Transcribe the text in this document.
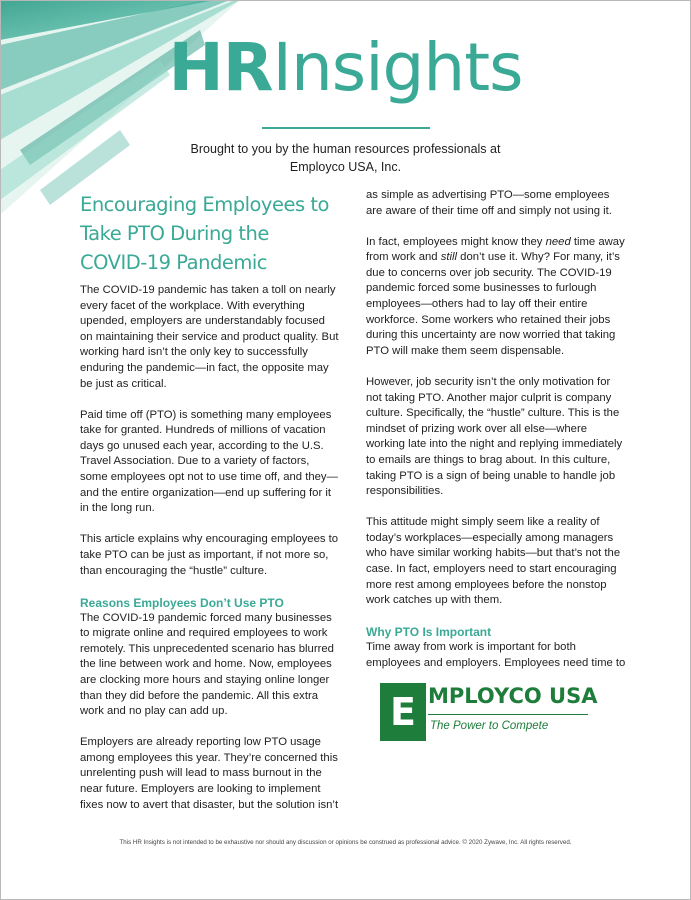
HRInsights
Brought to you by the human resources professionals at
Employco USA, Inc.
Encouraging Employees to Take PTO During the COVID-19 Pandemic

The COVID-19 pandemic has taken a toll on nearly every facet of the workplace. With everything upended, employers are understandably focused on maintaining their service and product quality. But working hard isn’t the only key to successfully enduring the pandemic—in fact, the opposite may be just as critical.

Paid time off (PTO) is something many employees take for granted. Hundreds of millions of vacation days go unused each year, according to the U.S. Travel Association. Due to a variety of factors, some employees opt not to use time off, and they—and the entire organization—end up suffering for it in the long run.

This article explains why encouraging employees to take PTO can be just as important, if not more so, than encouraging the “hustle” culture.

Reasons Employees Don’t Use PTO

The COVID-19 pandemic forced many businesses to migrate online and required employees to work remotely. This unprecedented scenario has blurred the line between work and home. Now, employees are clocking more hours and staying online longer than they did before the pandemic. All this extra work and no play can add up.

Employers are already reporting low PTO usage among employees this year. They’re concerned this unrelenting push will lead to mass burnout in the near future. Employers are looking to implement fixes now to avert that disaster, but the solution isn’t

as simple as advertising PTO—some employees are aware of their time off and simply not using it.

In fact, employees might know they need time away from work and still don’t use it. Why? For many, it’s due to concerns over job security. The COVID-19 pandemic forced some businesses to furlough employees—others had to lay off their entire workforce. Some workers who retained their jobs during this uncertainty are now worried that taking PTO will make them seem dispensable.

However, job security isn’t the only motivation for not taking PTO. Another major culprit is company culture. Specifically, the “hustle” culture. This is the mindset of prizing work over all else—where working late into the night and replying immediately to emails are things to brag about. In this culture, taking PTO is a sign of being unable to handle job responsibilities.

This attitude might simply seem like a reality of today’s workplaces—especially among managers who have similar working habits—but that’s not the case. In fact, employers need to start encouraging more rest among employees before the nonstop work catches up with them.

Why PTO Is Important

Time away from work is important for both employees and employers. Employees need time to

E MPLOYCO USA
The Power to Compete
This HR Insights is not intended to be exhaustive nor should any discussion or opinions be construed as professional advice. © 2020 Zywave, Inc. All rights reserved.
